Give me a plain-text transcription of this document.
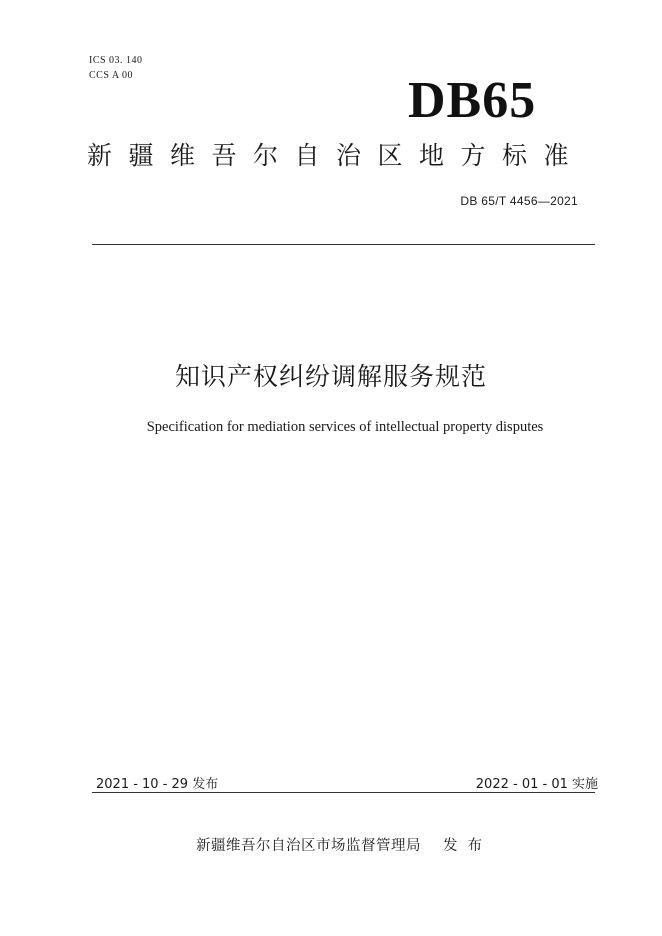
ICS 03. 140
CCS A 00	DB65
新疆维吾尔自治区地方标准
DB 65/T 4456—2021
知识产权纠纷调解服务规范
Specification for mediation services of intellectual property disputes
2021 - 10 - 29 发布	2022 - 01 - 01 实施
新疆维吾尔自治区市场监督管理局 发布
